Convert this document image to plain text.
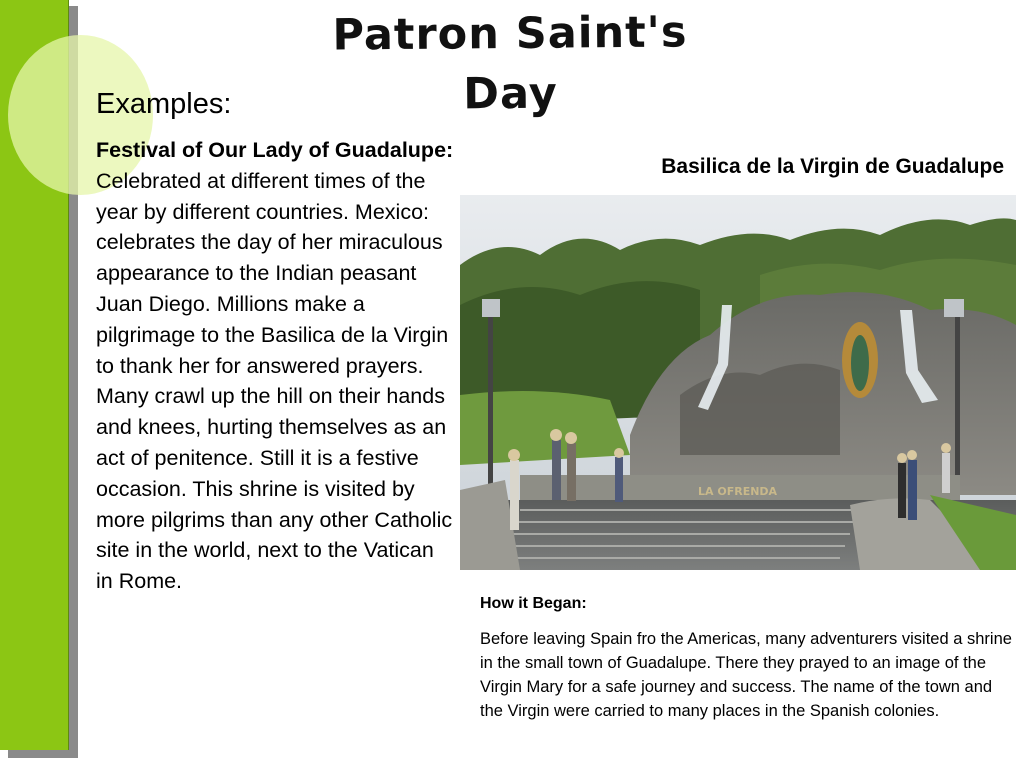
Patron Saint's Day
Examples:
Festival of Our Lady of Guadalupe: Celebrated at different times of the year by different countries. Mexico: celebrates the day of her miraculous appearance to the Indian peasant Juan Diego. Millions make a pilgrimage to the Basilica de la Virgin to thank her for answered prayers. Many crawl up the hill on their hands and knees, hurting themselves as an act of penitence. Still it is a festive occasion. This shrine is visited by more pilgrims than any other Catholic site in the world, next to the Vatican in Rome.
Basilica de la Virgin de Guadalupe
LA OFRENDA
How it Began:
Before leaving Spain fro the Americas, many adventurers visited a shrine in the small town of Guadalupe. There they prayed to an image of the Virgin Mary for a safe journey and success. The name of the town and the Virgin were carried to many places in the Spanish colonies.
